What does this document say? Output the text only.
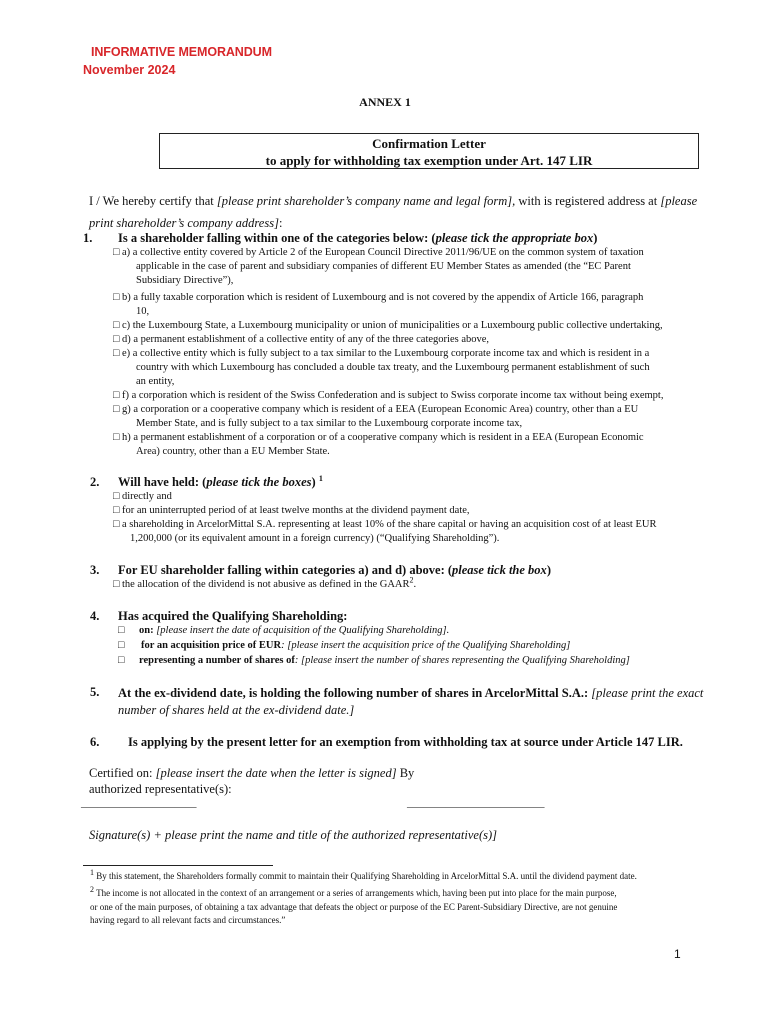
INFORMATIVE MEMORANDUM
November 2024
ANNEX 1
Confirmation Letter
to apply for withholding tax exemption under Art. 147 LIR
I / We hereby certify that [please print shareholder’s company name and legal form], with is registered address at [please
print shareholder’s company address]:
1. Is a shareholder falling within one of the categories below: (please tick the appropriate box)
□ a) a collective entity covered by Article 2 of the European Council Directive 2011/96/UE on the common system of taxation
applicable in the case of parent and subsidiary companies of different EU Member States as amended (the “EC Parent
Subsidiary Directive”),
□ b) a fully taxable corporation which is resident of Luxembourg and is not covered by the appendix of Article 166, paragraph
10,
□ c) the Luxembourg State, a Luxembourg municipality or union of municipalities or a Luxembourg public collective undertaking,
□ d) a permanent establishment of a collective entity of any of the three categories above,
□ e) a collective entity which is fully subject to a tax similar to the Luxembourg corporate income tax and which is resident in a
country with which Luxembourg has concluded a double tax treaty, and the Luxembourg permanent establishment of such
an entity,
□ f) a corporation which is resident of the Swiss Confederation and is subject to Swiss corporate income tax without being exempt,
□ g) a corporation or a cooperative company which is resident of a EEA (European Economic Area) country, other than a EU
Member State, and is fully subject to a tax similar to the Luxembourg corporate income tax,
□ h) a permanent establishment of a corporation or of a cooperative company which is resident in a EEA (European Economic
Area) country, other than a EU Member State.
2. Will have held: (please tick the boxes) $^1$
□ directly and
□ for an uninterrupted period of at least twelve months at the dividend payment date,
□ a shareholding in ArcelorMittal S.A. representing at least 10% of the share capital or having an acquisition cost of at least EUR
1,200,000 (or its equivalent amount in a foreign currency) (“Qualifying Shareholding”).
3. For EU shareholder falling within categories a) and d) above: (please tick the box)
□ the allocation of the dividend is not abusive as defined in the GAAR$^2$.
4. Has acquired the Qualifying Shareholding:
□ on: [please insert the date of acquisition of the Qualifying Shareholding].
□ for an acquisition price of EUR: [please insert the acquisition price of the Qualifying Shareholding]
□ representing a number of shares of: [please insert the number of shares representing the Qualifying Shareholding]
5. At the ex-dividend date, is holding the following number of shares in ArcelorMittal S.A.: [please print the exact
number of shares held at the ex-dividend date.]
6. Is applying by the present letter for an exemption from withholding tax at source under Article 147 LIR.
Certified on: [please insert the date when the letter is signed] By
authorized representative(s):
_____________________	_________________________
Signature(s) + please print the name and title of the authorized representative(s)]
1 By this statement, the Shareholders formally commit to maintain their Qualifying Shareholding in ArcelorMittal S.A. until the dividend payment date.
2 The income is not allocated in the context of an arrangement or a series of arrangements which, having been put into place for the main purpose,
or one of the main purposes, of obtaining a tax advantage that defeats the object or purpose of the EC Parent-Subsidiary Directive, are not genuine
having regard to all relevant facts and circumstances.”
1
